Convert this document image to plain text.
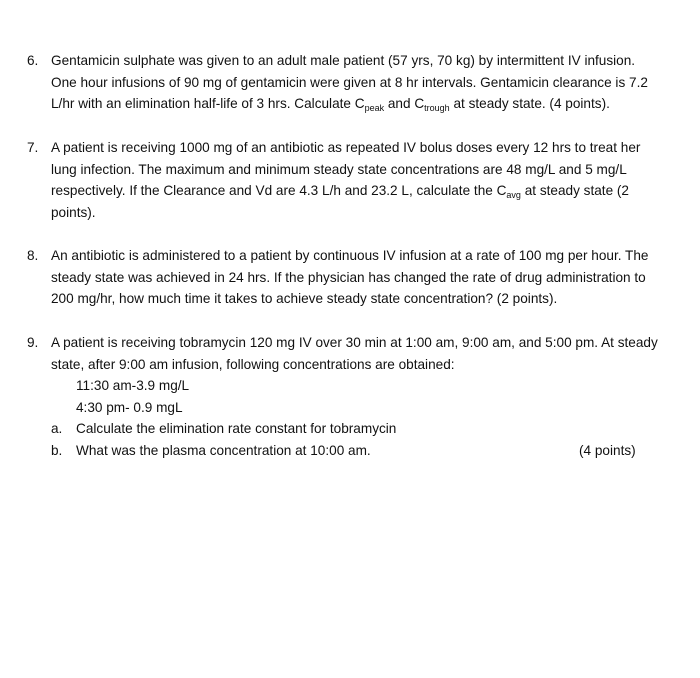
6. Gentamicin sulphate was given to an adult male patient (57 yrs, 70 kg) by intermittent IV infusion.
One hour infusions of 90 mg of gentamicin were given at 8 hr intervals. Gentamicin clearance is 7.2
L/hr with an elimination half-life of 3 hrs. Calculate $C_{peak}$ and $C_{trough}$ at steady state. (4 points).
7. A patient is receiving 1000 mg of an antibiotic as repeated IV bolus doses every 12 hrs to treat her
lung infection. The maximum and minimum steady state concentrations are 48 mg/L and 5 mg/L
respectively. If the Clearance and Vd are 4.3 L/h and 23.2 L, calculate the $C_{avg}$ at steady state (2
points).
8. An antibiotic is administered to a patient by continuous IV infusion at a rate of 100 mg per hour. The
steady state was achieved in 24 hrs. If the physician has changed the rate of drug administration to
200 mg/hr, how much time it takes to achieve steady state concentration? (2 points).
9. A patient is receiving tobramycin 120 mg IV over 30 min at 1:00 am, 9:00 am, and 5:00 pm. At steady
state, after 9:00 am infusion, following concentrations are obtained:
11:30 am-3.9 mg/L
4:30 pm- 0.9 mgL
a. Calculate the elimination rate constant for tobramycin
b. What was the plasma concentration at 10:00 am.	(4 points)
